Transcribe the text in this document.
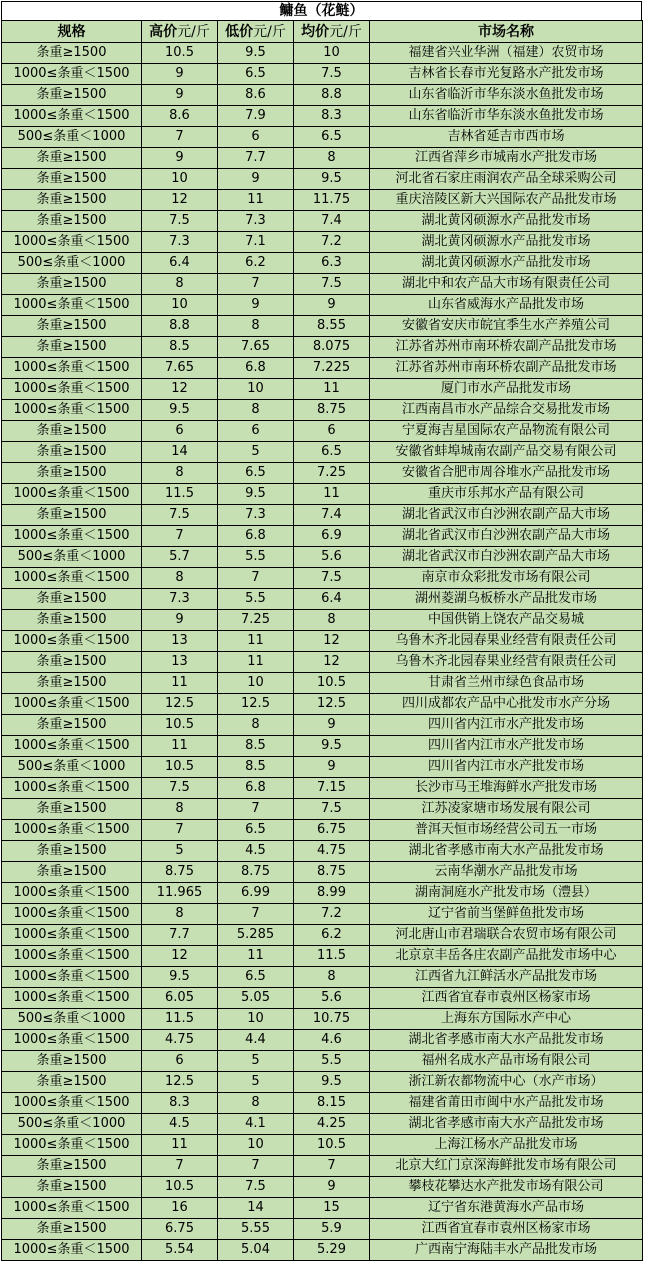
鳙鱼（花鲢）
规格	高价元/斤	低价元/斤	均价元/斤	市场名称
条重≥1500	10.5	9.5	10	福建省兴业华洲（福建）农贸市场
1000≤条重＜1500	9	6.5	7.5	吉林省长春市光复路水产批发市场
条重≥1500	9	8.6	8.8	山东省临沂市华东淡水鱼批发市场
1000≤条重＜1500	8.6	7.9	8.3	山东省临沂市华东淡水鱼批发市场
500≤条重＜1000	7	6	6.5	吉林省延吉市西市场
条重≥1500	9	7.7	8	江西省萍乡市城南水产批发市场
条重≥1500	10	9	9.5	河北省石家庄雨润农产品全球采购公司
条重≥1500	12	11	11.75	重庆涪陵区新大兴国际农产品批发市场
条重≥1500	7.5	7.3	7.4	湖北黄冈硕源水产品批发市场
1000≤条重＜1500	7.3	7.1	7.2	湖北黄冈硕源水产品批发市场
500≤条重＜1000	6.4	6.2	6.3	湖北黄冈硕源水产品批发市场
条重≥1500	8	7	7.5	湖北中和农产品大市场有限责任公司
1000≤条重＜1500	10	9	9	山东省威海水产品批发市场
条重≥1500	8.8	8	8.55	安徽省安庆市皖宜季生水产养殖公司
条重≥1500	8.5	7.65	8.075	江苏省苏州市南环桥农副产品批发市场
1000≤条重＜1500	7.65	6.8	7.225	江苏省苏州市南环桥农副产品批发市场
1000≤条重＜1500	12	10	11	厦门市水产品批发市场
1000≤条重＜1500	9.5	8	8.75	江西南昌市水产品综合交易批发市场
条重≥1500	6	6	6	宁夏海吉星国际农产品物流有限公司
条重≥1500	14	5	6.5	安徽省蚌埠城南农副产品交易有限公司
条重≥1500	8	6.5	7.25	安徽省合肥市周谷堆水产品批发市场
1000≤条重＜1500	11.5	9.5	11	重庆市乐邦水产品有限公司
条重≥1500	7.5	7.3	7.4	湖北省武汉市白沙洲农副产品大市场
1000≤条重＜1500	7	6.8	6.9	湖北省武汉市白沙洲农副产品大市场
500≤条重＜1000	5.7	5.5	5.6	湖北省武汉市白沙洲农副产品大市场
1000≤条重＜1500	8	7	7.5	南京市众彩批发市场有限公司
条重≥1500	7.3	5.5	6.4	湖州菱湖乌板桥水产品批发市场
条重≥1500	9	7.25	8	中国供销上饶农产品交易城
1000≤条重＜1500	13	11	12	乌鲁木齐北园春果业经营有限责任公司
条重≥1500	13	11	12	乌鲁木齐北园春果业经营有限责任公司
条重≥1500	11	10	10.5	甘肃省兰州市绿色食品市场
1000≤条重＜1500	12.5	12.5	12.5	四川成都农产品中心批发市水产分场
条重≥1500	10.5	8	9	四川省内江市水产批发市场
1000≤条重＜1500	11	8.5	9.5	四川省内江市水产批发市场
500≤条重＜1000	10.5	8.5	9	四川省内江市水产批发市场
1000≤条重＜1500	7.5	6.8	7.15	长沙市马王堆海鲜水产批发市场
条重≥1500	8	7	7.5	江苏凌家塘市场发展有限公司
1000≤条重＜1500	7	6.5	6.75	普洱天恒市场经营公司五一市场
条重≥1500	5	4.5	4.75	湖北省孝感市南大水产品批发市场
条重≥1500	8.75	8.75	8.75	云南华潮水产品批发市场
1000≤条重＜1500	11.965	6.99	8.99	湖南洞庭水产批发市场（澧县）
1000≤条重＜1500	8	7	7.2	辽宁省前当堡鲜鱼批发市场
1000≤条重＜1500	7.7	5.285	6.2	河北唐山市君瑞联合农贸市场有限公司
1000≤条重＜1500	12	11	11.5	北京京丰岳各庄农副产品批发市场中心
1000≤条重＜1500	9.5	6.5	8	江西省九江鲜活水产品批发市场
1000≤条重＜1500	6.05	5.05	5.6	江西省宜春市袁州区杨家市场
500≤条重＜1000	11.5	10	10.75	上海东方国际水产中心
1000≤条重＜1500	4.75	4.4	4.6	湖北省孝感市南大水产品批发市场
条重≥1500	6	5	5.5	福州名成水产品市场有限公司
条重≥1500	12.5	5	9.5	浙江新农都物流中心（水产市场）
1000≤条重＜1500	8.3	8	8.15	福建省莆田市闽中水产品批发市场
500≤条重＜1000	4.5	4.1	4.25	湖北省孝感市南大水产品批发市场
1000≤条重＜1500	11	10	10.5	上海江杨水产品批发市场
条重≥1500	7	7	7	北京大红门京深海鲜批发市场有限公司
条重≥1500	10.5	7.5	9	攀枝花攀达水产批发市场有限公司
1000≤条重＜1500	16	14	15	辽宁省东港黄海水产品市场
条重≥1500	6.75	5.55	5.9	江西省宜春市袁州区杨家市场
1000≤条重＜1500	5.54	5.04	5.29	广西南宁海陆丰水产品批发市场
